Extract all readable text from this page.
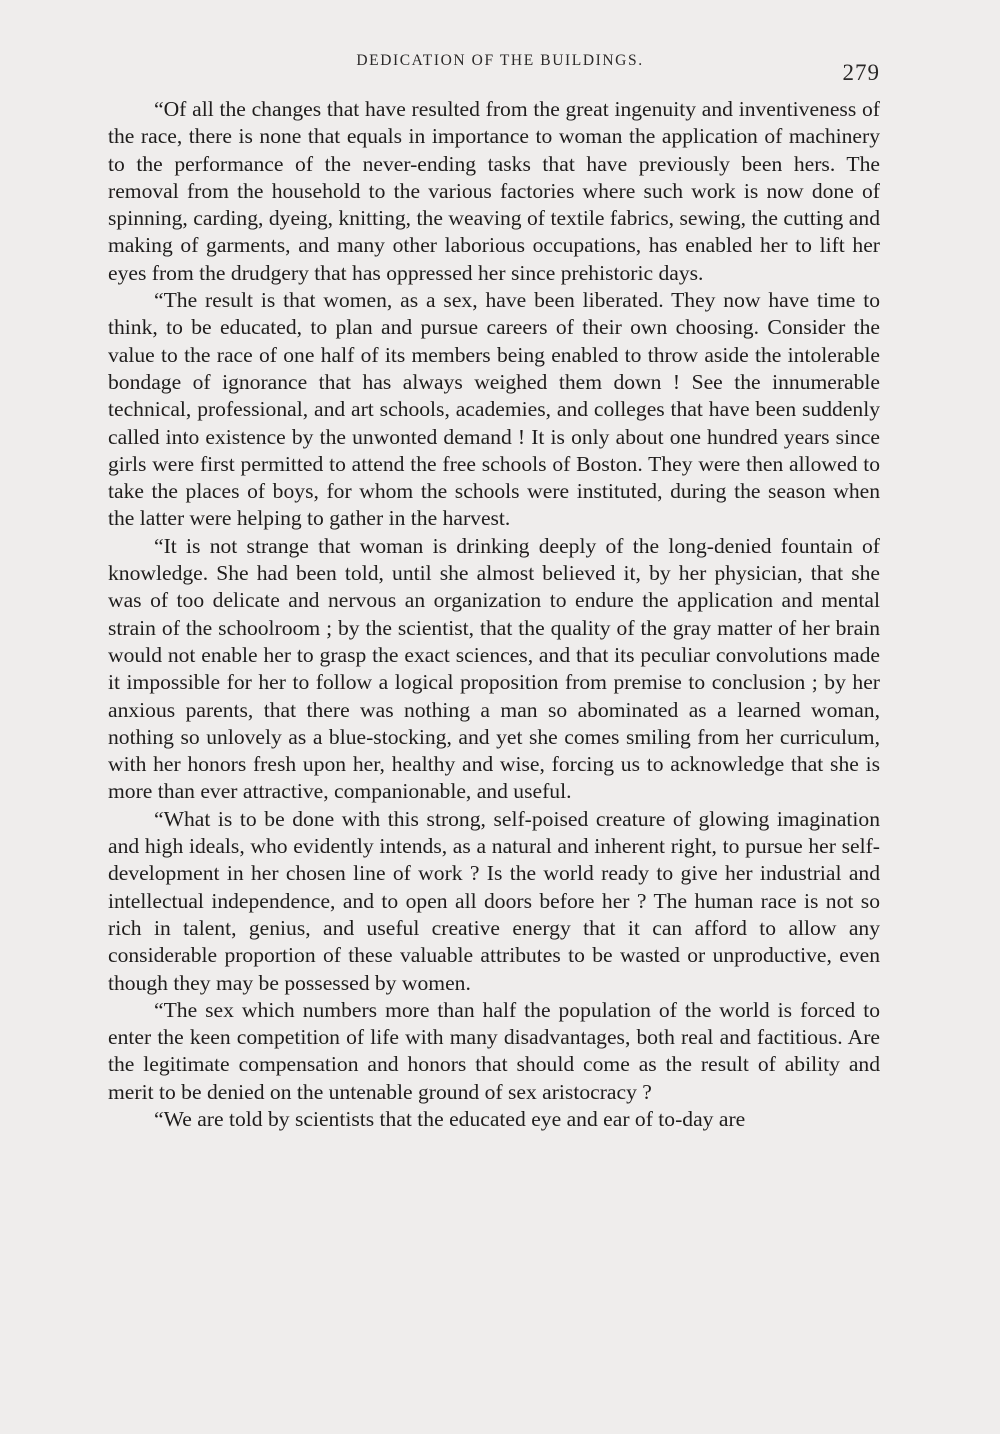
DEDICATION OF THE BUILDINGS.	279

“Of all the changes that have resulted from the great ingenuity and inventiveness of the race, there is none that equals in importance to woman the application of machinery to the performance of the never-ending tasks that have previously been hers. The removal from the household to the various factories where such work is now done of spinning, carding, dyeing, knitting, the weaving of textile fabrics, sewing, the cutting and making of garments, and many other laborious occupations, has enabled her to lift her eyes from the drudgery that has oppressed her since prehistoric days.

“The result is that women, as a sex, have been liberated. They now have time to think, to be educated, to plan and pursue careers of their own choosing. Consider the value to the race of one half of its members being enabled to throw aside the intolerable bondage of ignorance that has always weighed them down ! See the innumerable technical, professional, and art schools, academies, and colleges that have been suddenly called into existence by the unwonted demand ! It is only about one hundred years since girls were first permitted to attend the free schools of Boston. They were then allowed to take the places of boys, for whom the schools were instituted, during the season when the latter were helping to gather in the harvest.

“It is not strange that woman is drinking deeply of the long-denied fountain of knowledge. She had been told, until she almost believed it, by her physician, that she was of too delicate and nervous an organization to endure the application and mental strain of the schoolroom ; by the scientist, that the quality of the gray matter of her brain would not enable her to grasp the exact sciences, and that its peculiar convolutions made it impossible for her to follow a logical proposition from premise to conclusion ; by her anxious parents, that there was nothing a man so abominated as a learned woman, nothing so unlovely as a blue-stocking, and yet she comes smiling from her curriculum, with her honors fresh upon her, healthy and wise, forcing us to acknowledge that she is more than ever attractive, companionable, and useful.

“What is to be done with this strong, self-poised creature of glowing imagination and high ideals, who evidently intends, as a natural and inherent right, to pursue her self-development in her chosen line of work ? Is the world ready to give her industrial and intellectual independence, and to open all doors before her ? The human race is not so rich in talent, genius, and useful creative energy that it can afford to allow any considerable proportion of these valuable attributes to be wasted or unproductive, even though they may be possessed by women.

“The sex which numbers more than half the population of the world is forced to enter the keen competition of life with many disadvantages, both real and factitious. Are the legitimate compensation and honors that should come as the result of ability and merit to be denied on the untenable ground of sex aristocracy ?

“We are told by scientists that the educated eye and ear of to-day are
